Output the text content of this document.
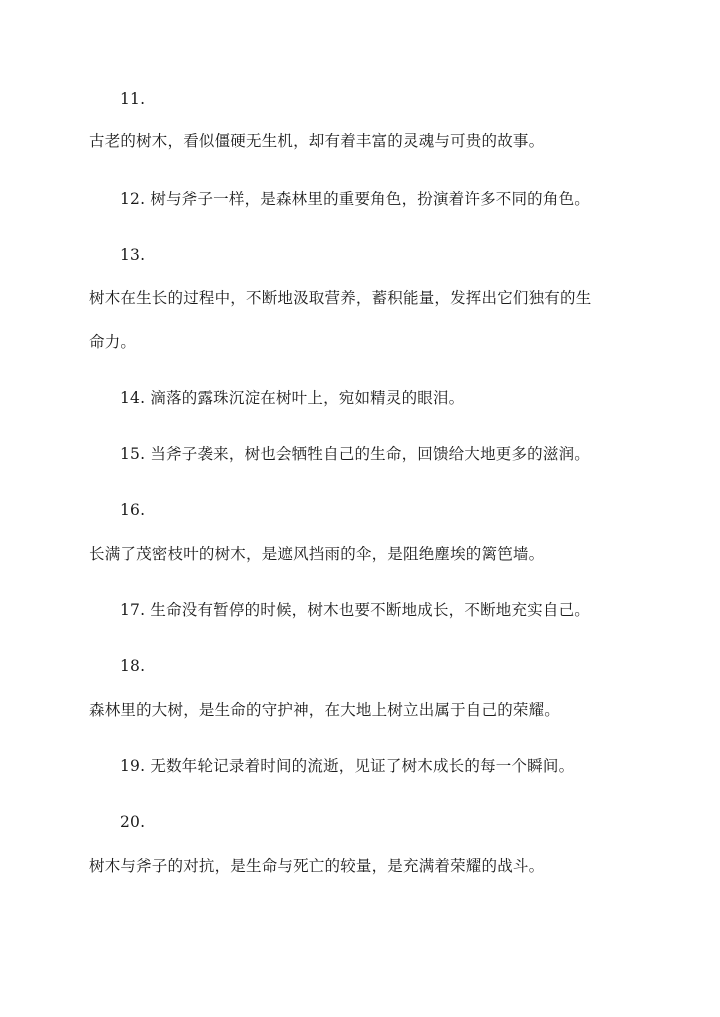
11.
古老的树木，看似僵硬无生机，却有着丰富的灵魂与可贵的故事。
12. 树与斧子一样，是森林里的重要角色，扮演着许多不同的角色。
13.
树木在生长的过程中，不断地汲取营养，蓄积能量，发挥出它们独有的生
命力。
14. 滴落的露珠沉淀在树叶上，宛如精灵的眼泪。
15. 当斧子袭来，树也会牺牲自己的生命，回馈给大地更多的滋润。
16.
长满了茂密枝叶的树木，是遮风挡雨的伞，是阻绝塵埃的篱笆墙。
17. 生命没有暂停的时候，树木也要不断地成长，不断地充实自己。
18.
森林里的大树，是生命的守护神，在大地上树立出属于自己的荣耀。
19. 无数年轮记录着时间的流逝，见证了树木成长的每一个瞬间。
20.
树木与斧子的对抗，是生命与死亡的较量，是充满着荣耀的战斗。
